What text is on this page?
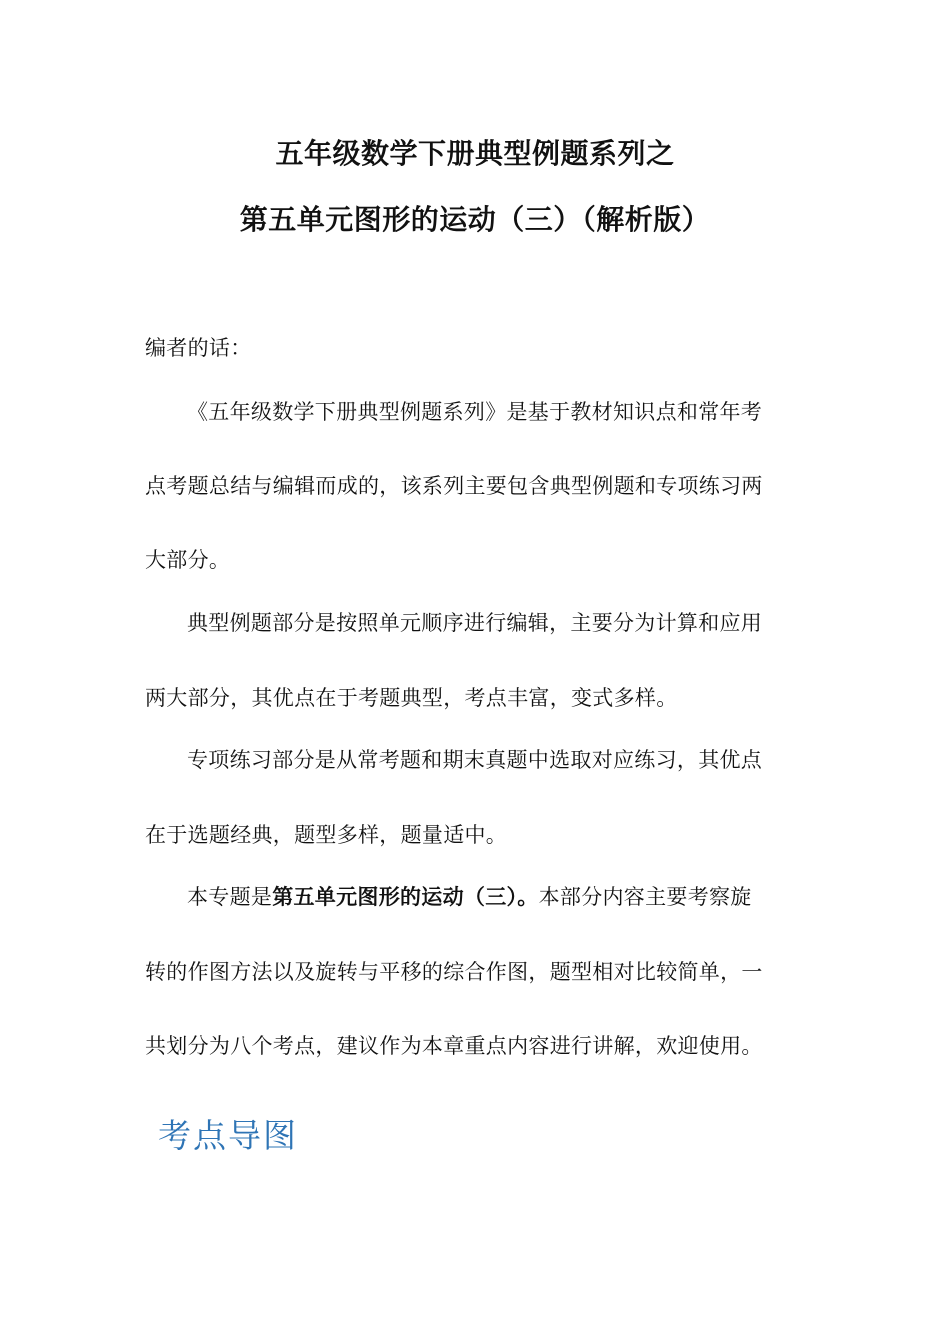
五年级数学下册典型例题系列之
第五单元图形的运动（三）（解析版）
编者的话：
《五年级数学下册典型例题系列》是基于教材知识点和常年考
点考题总结与编辑而成的，该系列主要包含典型例题和专项练习两
大部分。
典型例题部分是按照单元顺序进行编辑，主要分为计算和应用
两大部分，其优点在于考题典型，考点丰富，变式多样。
专项练习部分是从常考题和期末真题中选取对应练习，其优点
在于选题经典，题型多样，题量适中。
本专题是第五单元图形的运动（三）。本部分内容主要考察旋
转的作图方法以及旋转与平移的综合作图，题型相对比较简单，一
共划分为八个考点，建议作为本章重点内容进行讲解，欢迎使用。
考点导图
